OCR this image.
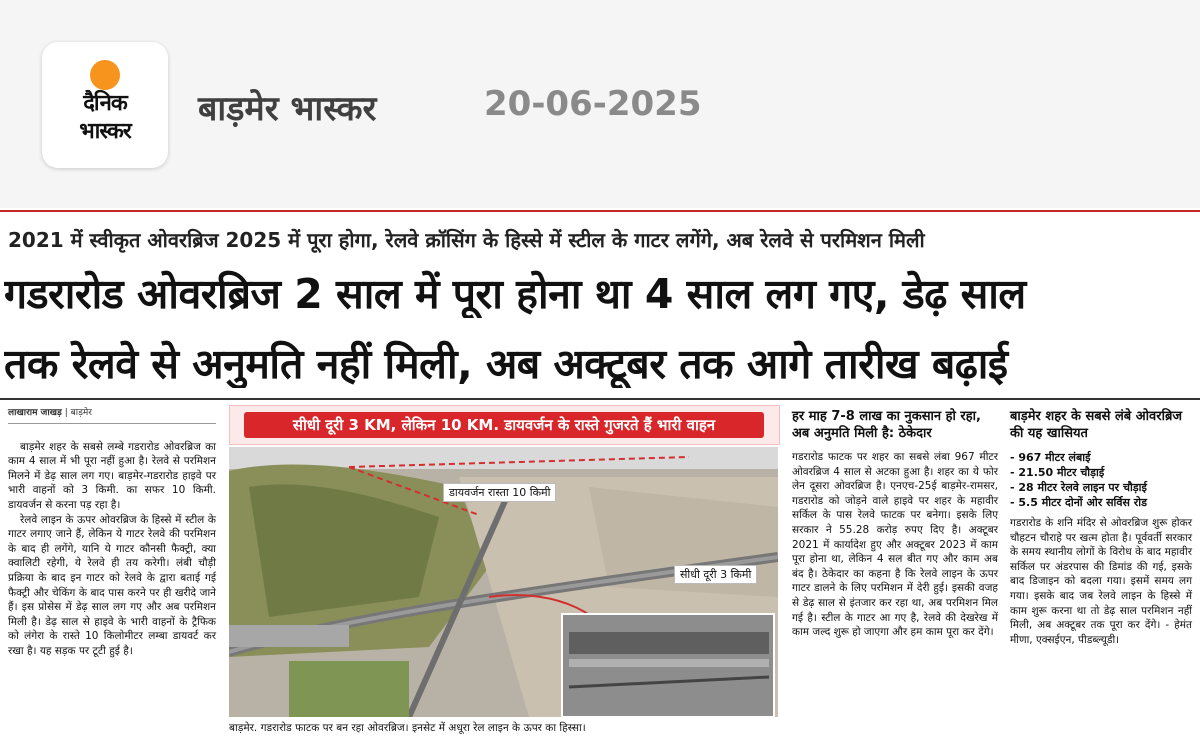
दैनिक
भास्कर
बाड़मेर भास्कर	20-06-2025
2021 में स्वीकृत ओवरब्रिज 2025 में पूरा होगा, रेलवे क्रॉसिंग के हिस्से में स्टील के गाटर लगेंगे, अब रेलवे से परमिशन मिली
गडरारोड ओवरब्रिज 2 साल में पूरा होना था 4 साल लग गए, डेढ़ साल
तक रेलवे से अनुमति नहीं मिली, अब अक्टूबर तक आगे तारीख बढ़ाई
लाखाराम जाखड़ | बाड़मेर

बाड़मेर शहर के सबसे लम्बे गडरारोड ओवरब्रिज का काम 4 साल में भी पूरा नहीं हुआ है। रेलवे से परमिशन मिलने में डेढ़ साल लग गए। बाड़मेर-गडरारोड हाइवे पर भारी वाहनों को 3 किमी. का सफर 10 किमी. डायवर्जन से करना पड़ रहा है।

रेलवे लाइन के ऊपर ओवरब्रिज के हिस्से में स्टील के गाटर लगाए जाने हैं, लेकिन ये गाटर रेलवे की परमिशन के बाद ही लगेंगे, यानि ये गाटर कौनसी फैक्ट्री, क्या क्वालिटी रहेगी, ये रेलवे ही तय करेगी। लंबी चौड़ी प्रक्रिया के बाद इन गाटर को रेलवे के द्वारा बताई गई फैक्ट्री और चेकिंग के बाद पास करने पर ही खरीदे जाने हैं। इस प्रोसेस में डेढ़ साल लग गए और अब परमिशन मिली है। डेढ़ साल से हाइवे के भारी वाहनों के ट्रैफिक को लंगेरा के रास्ते 10 किलोमीटर लम्बा डायवर्ट कर रखा है। यह सड़क पर टूटी हुई है।

सीधी दूरी 3 KM, लेकिन 10 KM. डायवर्जन के रास्ते गुजरते हैं भारी वाहन
डायवर्जन रास्ता 10 किमी
सीधी दूरी 3 किमी
बाड़मेर. गडरारोड फाटक पर बन रहा ओवरब्रिज। इनसेट में अधूरा रेल लाइन के ऊपर का हिस्सा।
हर माह 7-8 लाख का नुकसान हो रहा, अब अनुमति मिली है: ठेकेदार

गडरारोड फाटक पर शहर का सबसे लंबा 967 मीटर ओवरब्रिज 4 साल से अटका हुआ है। शहर का ये फोर लेन दूसरा ओवरब्रिज है। एनएच-25ई बाड़मेर-रामसर, गडरारोड को जोड़ने वाले हाइवे पर शहर के महावीर सर्किल के पास रेलवे फाटक पर बनेगा। इसके लिए सरकार ने 55.28 करोड़ रुपए दिए है। अक्टूबर 2021 में कार्यादेश हुए और अक्टूबर 2023 में काम पूरा होना था, लेकिन 4 सल बीत गए और काम अब बंद है। ठेकेदार का कहना है कि रेलवे लाइन के ऊपर गाटर डालने के लिए परमिशन में देरी हुई। इसकी वजह से डेढ़ साल से इंतजार कर रहा था, अब परमिशन मिल गई है। स्टील के गाटर आ गए है, रेलवे की देखरेख में काम जल्द शुरू हो जाएगा और हम काम पूरा कर देंगे।

बाड़मेर शहर के सबसे लंबे ओवरब्रिज की यह खासियत
- 967 मीटर लंबाई
- 21.50 मीटर चौड़ाई
- 28 मीटर रेलवे लाइन पर चौड़ाई
- 5.5 मीटर दोनों ओर सर्विस रोड

गडरारोड के शनि मंदिर से ओवरब्रिज शुरू होकर चौहटन चौराहे पर खत्म होता है। पूर्ववर्ती सरकार के समय स्थानीय लोगों के विरोध के बाद महावीर सर्किल पर अंडरपास की डिमांड की गई, इसके बाद डिजाइन को बदला गया। इसमें समय लग गया। इसके बाद जब रेलवे लाइन के हिस्से में काम शुरू करना था तो डेढ़ साल परमिशन नहीं मिली, अब अक्टूबर तक पूरा कर देंगे। - हेमंत मीणा, एक्सईएन, पीडब्ल्यूडी।
